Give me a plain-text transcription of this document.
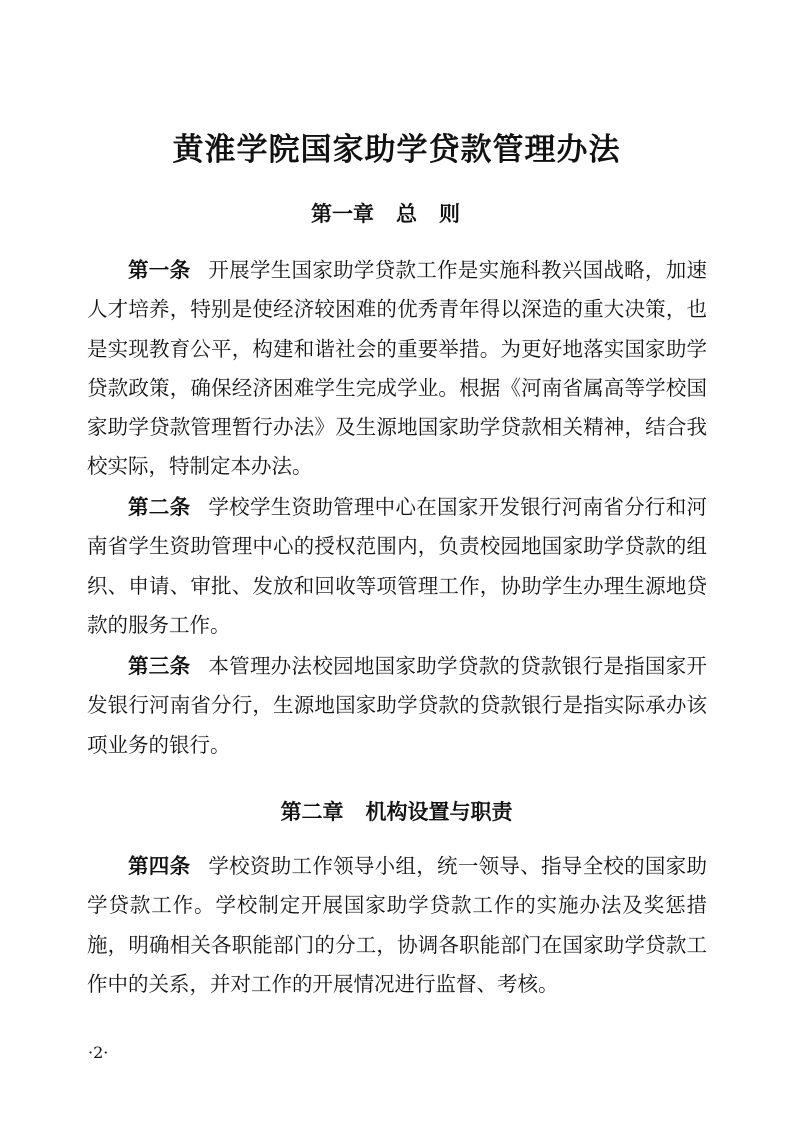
黄淮学院国家助学贷款管理办法
第一章 总则

第一条 开展学生国家助学贷款工作是实施科教兴国战略，加速人才培养，特别是使经济较困难的优秀青年得以深造的重大决策，也是实现教育公平，构建和谐社会的重要举措。为更好地落实国家助学贷款政策，确保经济困难学生完成学业。根据《河南省属高等学校国家助学贷款管理暂行办法》及生源地国家助学贷款相关精神，结合我校实际，特制定本办法。

第二条 学校学生资助管理中心在国家开发银行河南省分行和河南省学生资助管理中心的授权范围内，负责校园地国家助学贷款的组织、申请、审批、发放和回收等项管理工作，协助学生办理生源地贷款的服务工作。

第三条 本管理办法校园地国家助学贷款的贷款银行是指国家开发银行河南省分行，生源地国家助学贷款的贷款银行是指实际承办该项业务的银行。

第二章 机构设置与职责

第四条 学校资助工作领导小组，统一领导、指导全校的国家助学贷款工作。学校制定开展国家助学贷款工作的实施办法及奖惩措施，明确相关各职能部门的分工，协调各职能部门在国家助学贷款工作中的关系，并对工作的开展情况进行监督、考核。

·2·
